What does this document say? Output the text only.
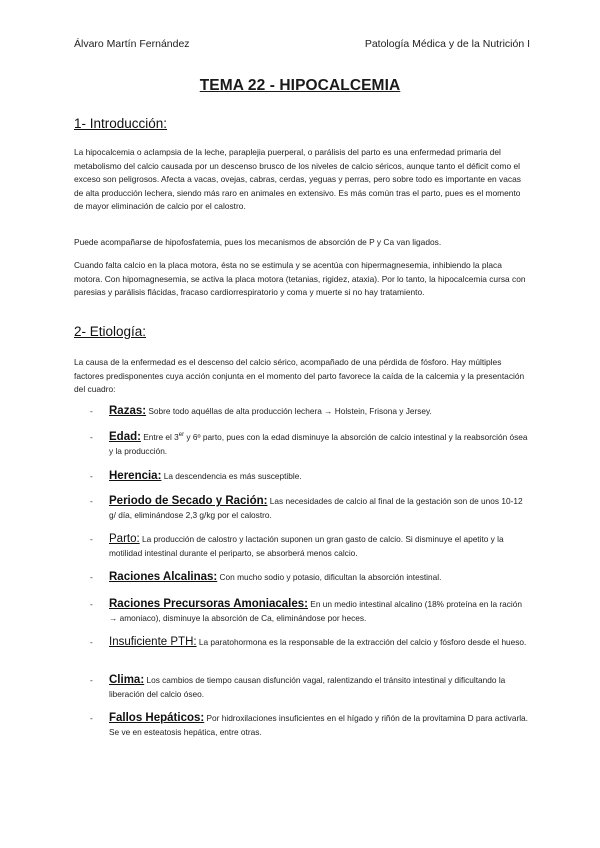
Álvaro Martín Fernández	Patología Médica y de la Nutrición I
TEMA 22 - HIPOCALCEMIA
1- Introducción:
La hipocalcemia o aclampsia de la leche, paraplejia puerperal, o parálisis del parto es una enfermedad primaria del metabolismo del calcio causada por un descenso brusco de los niveles de calcio séricos, aunque tanto el déficit como el exceso son peligrosos. Afecta a vacas, ovejas, cabras, cerdas, yeguas y perras, pero sobre todo es importante en vacas de alta producción lechera, siendo más raro en animales en extensivo. Es más común tras el parto, pues es el momento de mayor eliminación de calcio por el calostro.
Puede acompañarse de hipofosfatemia, pues los mecanismos de absorción de P y Ca van ligados.
Cuando falta calcio en la placa motora, ésta no se estimula y se acentúa con hipermagnesemia, inhibiendo la placa motora. Con hipomagnesemia, se activa la placa motora (tetanias, rigidez, ataxia). Por lo tanto, la hipocalcemia cursa con paresias y parálisis flácidas, fracaso cardiorrespiratorio y coma y muerte si no hay tratamiento.
2- Etiología:
La causa de la enfermedad es el descenso del calcio sérico, acompañado de una pérdida de fósforo. Hay múltiples factores predisponentes cuya acción conjunta en el momento del parto favorece la caída de la calcemia y la presentación del cuadro:
- Razas: Sobre todo aquéllas de alta producción lechera → Holstein, Frisona y Jersey.
- Edad: Entre el 3er y 6º parto, pues con la edad disminuye la absorción de calcio intestinal y la reabsorción ósea y la producción.
- Herencia: La descendencia es más susceptible.
- Periodo de Secado y Ración: Las necesidades de calcio al final de la gestación son de unos 10-12 g/ día, eliminándose 2,3 g/kg por el calostro.
- Parto: La producción de calostro y lactación suponen un gran gasto de calcio. Si disminuye el apetito y la motilidad intestinal durante el periparto, se absorberá menos calcio.
- Raciones Alcalinas: Con mucho sodio y potasio, dificultan la absorción intestinal.
- Raciones Precursoras Amoniacales: En un medio intestinal alcalino (18% proteína en la ración → amoniaco), disminuye la absorción de Ca, eliminándose por heces.
- Insuficiente PTH: La paratohormona es la responsable de la extracción del calcio y fósforo desde el hueso.
- Clima: Los cambios de tiempo causan disfunción vagal, ralentizando el tránsito intestinal y dificultando la liberación del calcio óseo.
- Fallos Hepáticos: Por hidroxilaciones insuficientes en el hígado y riñón de la provitamina D para activarla. Se ve en esteatosis hepática, entre otras.
